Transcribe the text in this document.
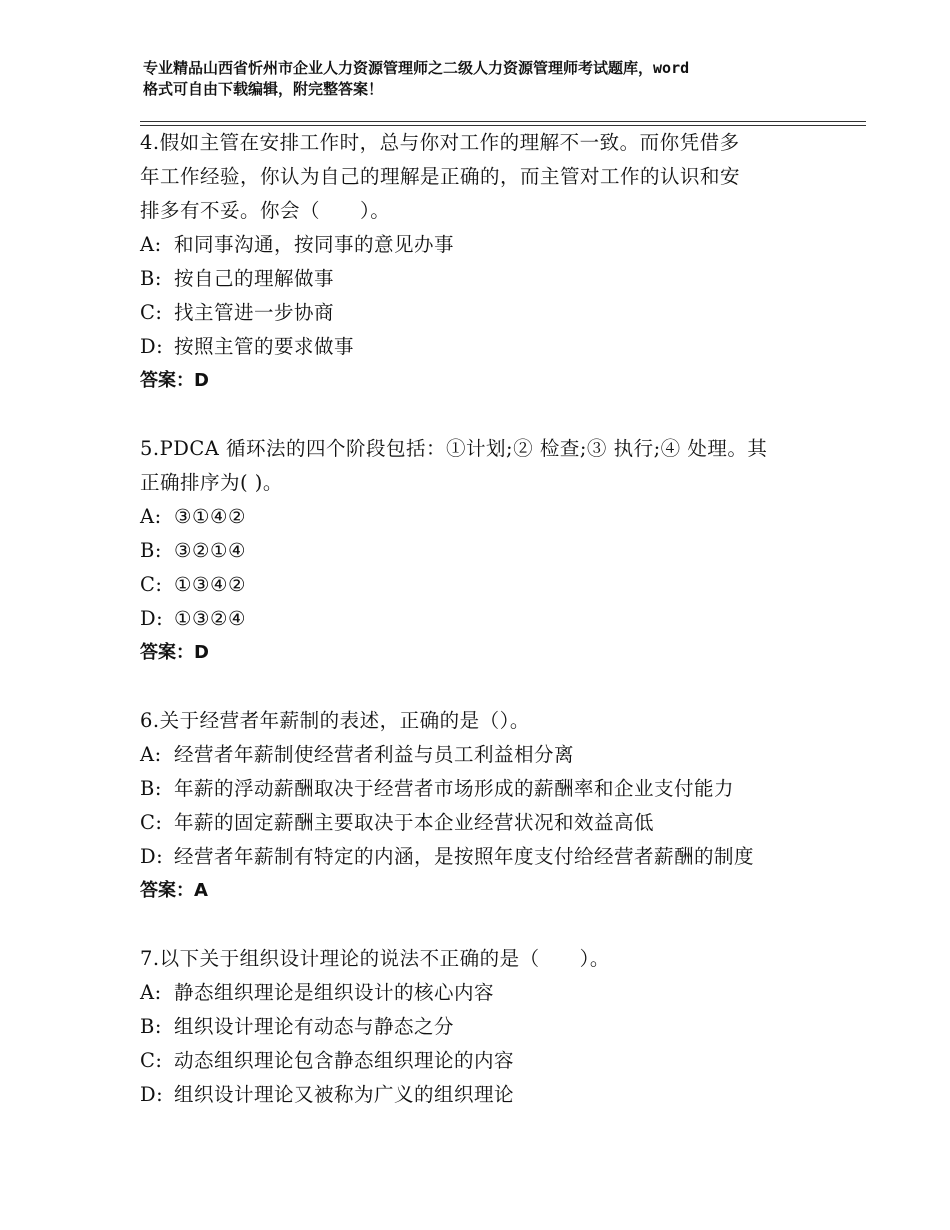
专业精品山西省忻州市企业人力资源管理师之二级人力资源管理师考试题库，word
格式可自由下载编辑，附完整答案！

4.假如主管在安排工作时，总与你对工作的理解不一致。而你凭借多

年工作经验，你认为自己的理解是正确的，而主管对工作的认识和安

排多有不妥。你会（　　）。

A: 和同事沟通，按同事的意见办事

B: 按自己的理解做事

C: 找主管进一步协商

D: 按照主管的要求做事

答案：D

5.PDCA 循环法的四个阶段包括：①计划;② 检查;③ 执行;④ 处理。其

正确排序为( )。

A: ③①④②

B: ③②①④

C: ①③④②

D: ①③②④

答案：D

6.关于经营者年薪制的表述，正确的是（）。

A: 经营者年薪制使经营者利益与员工利益相分离

B: 年薪的浮动薪酬取决于经营者市场形成的薪酬率和企业支付能力

C: 年薪的固定薪酬主要取决于本企业经营状况和效益高低

D: 经营者年薪制有特定的内涵，是按照年度支付给经营者薪酬的制度

答案：A

7.以下关于组织设计理论的说法不正确的是（　　）。

A: 静态组织理论是组织设计的核心内容

B: 组织设计理论有动态与静态之分

C: 动态组织理论包含静态组织理论的内容

D: 组织设计理论又被称为广义的组织理论
